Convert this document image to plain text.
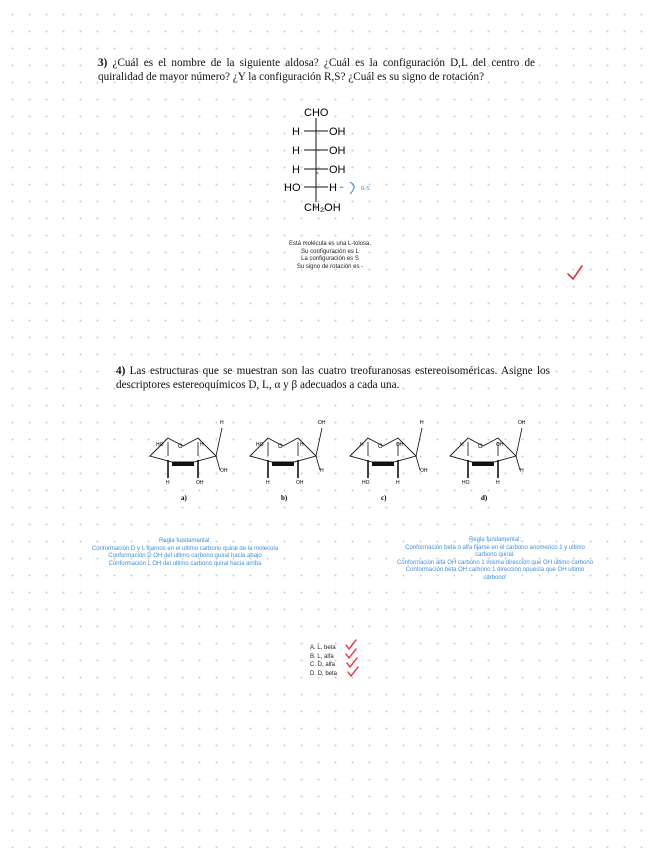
3) ¿Cuál es el nombre de la siguiente aldosa? ¿Cuál es la configuración D,L del centro de quiralidad de mayor número? ¿Y la configuración R,S? ¿Cuál es su signo de rotación?
CHO
H	OH
H	OH
H	OH
HO	H
CH₂OH
R-S
Está molécula es una L-tolosa.
Su configuración es L
La configuración es S
Su signo de rotación es -
4) Las estructuras que se muestran son las cuatro treofuranosas estereoisoméricas. Asigne los descriptores estereoquímicos D, L, α y β adecuados a cada una.
HO	H
H
OH
H	OH
HO	H
OH
H
H	OH
H	OH
H
OH
HO	H
H	OH
OH
H
HO	H
a)	b)	c)	d)
Regla fundamental:
Conformación D y L fijarnos en el ultimo carbono quiral de la molecula
Conformación D OH del ultimo carbono quiral hacia abajo
Conformación L OH del ultimo carbono quiral hacia arriba
Regla fundamental:
Conformación beta o alfa fijarse en el carbono anomerico 1 y ultimo
carbono quiral.
Conformación alfa OH carbono 1 misma dirección que OH ultimo carbono
Conformación beta OH carbono 1 dirección opuesta que OH ultimo
carbono.
A. L, beta
B. L, alfa
C. D, alfa
D. D, beta
